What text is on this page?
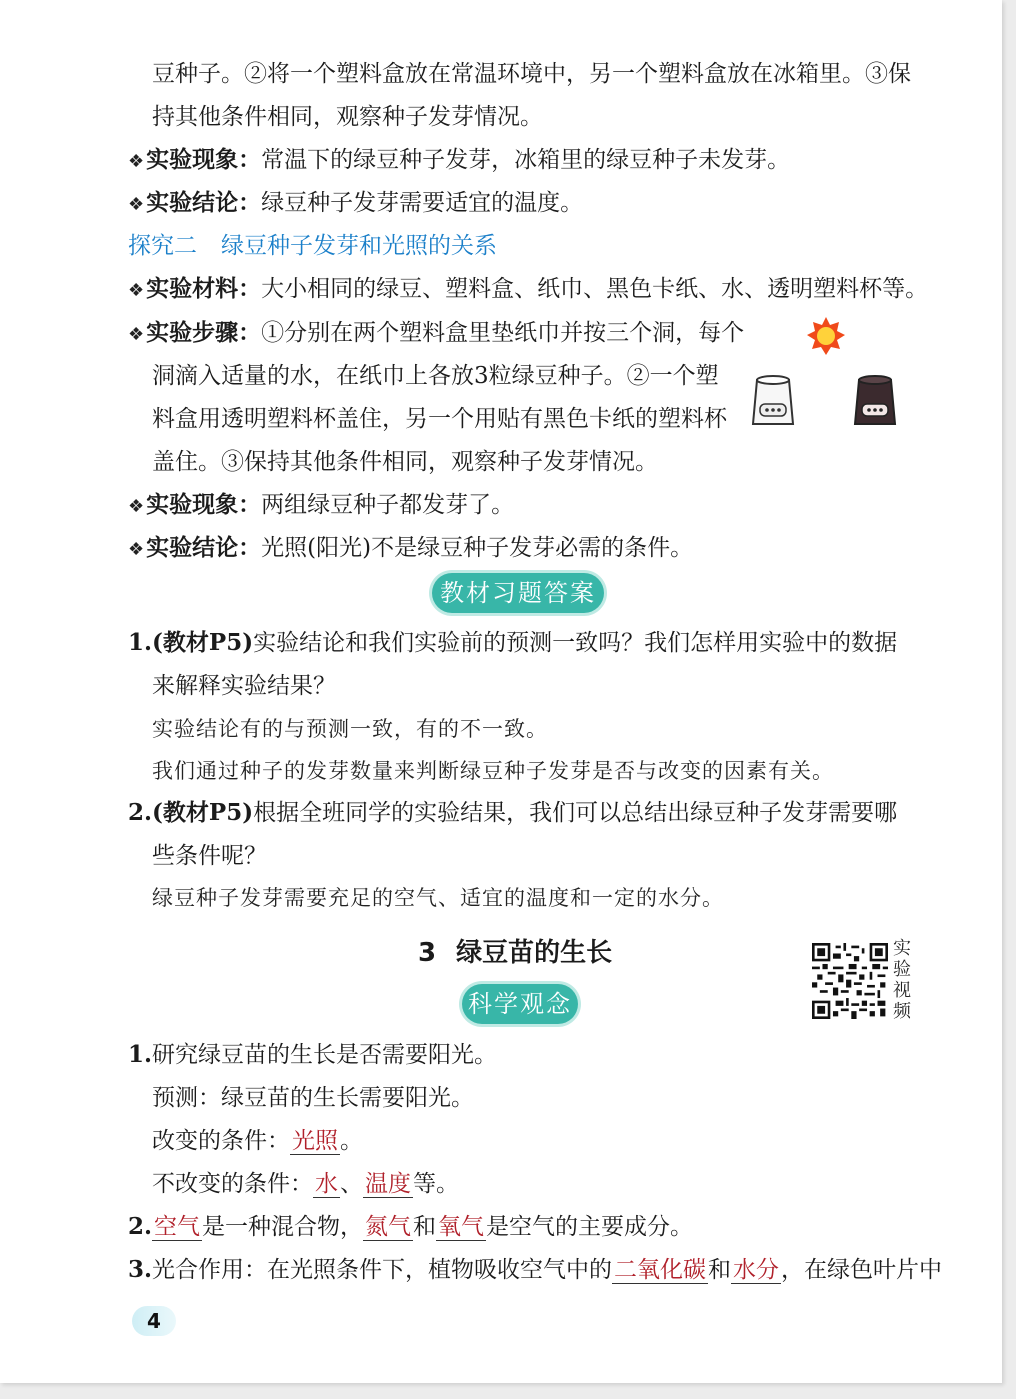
豆种子。②将一个塑料盒放在常温环境中，另一个塑料盒放在冰箱里。③保
持其他条件相同，观察种子发芽情况。
❖实验现象：常温下的绿豆种子发芽，冰箱里的绿豆种子未发芽。
❖实验结论：绿豆种子发芽需要适宜的温度。
探究二 绿豆种子发芽和光照的关系
❖实验材料：大小相同的绿豆、塑料盒、纸巾、黑色卡纸、水、透明塑料杯等。
❖实验步骤：①分别在两个塑料盒里垫纸巾并按三个洞，每个
洞滴入适量的水，在纸巾上各放3粒绿豆种子。②一个塑
料盒用透明塑料杯盖住，另一个用贴有黑色卡纸的塑料杯
盖住。③保持其他条件相同，观察种子发芽情况。
❖实验现象：两组绿豆种子都发芽了。
❖实验结论：光照(阳光)不是绿豆种子发芽必需的条件。
教材习题答案
1.(教材P5)实验结论和我们实验前的预测一致吗？我们怎样用实验中的数据
来解释实验结果？
实验结论有的与预测一致，有的不一致。
我们通过种子的发芽数量来判断绿豆种子发芽是否与改变的因素有关。
2.(教材P5)根据全班同学的实验结果，我们可以总结出绿豆种子发芽需要哪
些条件呢？
绿豆种子发芽需要充足的空气、适宜的温度和一定的水分。
3 绿豆苗的生长	实
验
视
频
科学观念
1.研究绿豆苗的生长是否需要阳光。
预测：绿豆苗的生长需要阳光。
改变的条件：光照。
不改变的条件：水、温度等。
2.空气是一种混合物，氮气和氧气是空气的主要成分。
3.光合作用：在光照条件下，植物吸收空气中的二氧化碳和水分，在绿色叶片中
4
